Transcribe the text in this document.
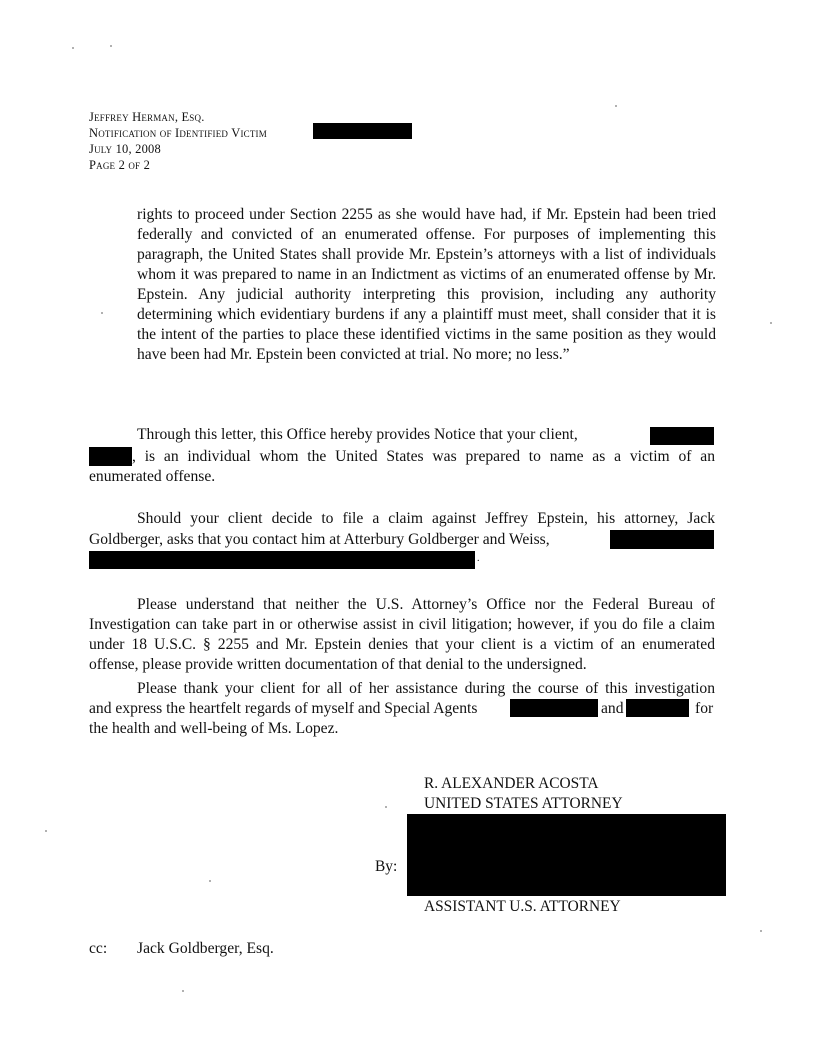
Jeffrey Herman, Esq.
Notification of Identified Victim
July 10, 2008
Page 2 of 2
rights to proceed under Section 2255 as she would have had, if Mr. Epstein had been tried federally and convicted of an enumerated offense. For purposes of implementing this paragraph, the United States shall provide Mr. Epstein’s attorneys with a list of individuals whom it was prepared to name in an Indictment as victims of an enumerated offense by Mr. Epstein. Any judicial authority interpreting this provision, including any authority determining which evidentiary burdens if any a plaintiff must meet, shall consider that it is the intent of the parties to place these identified victims in the same position as they would have been had Mr. Epstein been convicted at trial. No more; no less.”
Through this letter, this Office hereby provides Notice that your client,
, is an individual whom the United States was prepared to name as a victim of an
enumerated offense.
Should your client decide to file a claim against Jeffrey Epstein, his attorney, Jack
Goldberger, asks that you contact him at Atterbury Goldberger and Weiss,
.
Please understand that neither the U.S. Attorney’s Office nor the Federal Bureau of Investigation can take part in or otherwise assist in civil litigation; however, if you do file a claim under 18 U.S.C. § 2255 and Mr. Epstein denies that your client is a victim of an enumerated offense, please provide written documentation of that denial to the undersigned.
Please thank your client for all of her assistance during the course of this investigation
and express the heartfelt regards of myself and Special Agents	and	for
the health and well-being of Ms. Lopez.
R. ALEXANDER ACOSTA
UNITED STATES ATTORNEY
By:
ASSISTANT U.S. ATTORNEY
cc: Jack Goldberger, Esq.
